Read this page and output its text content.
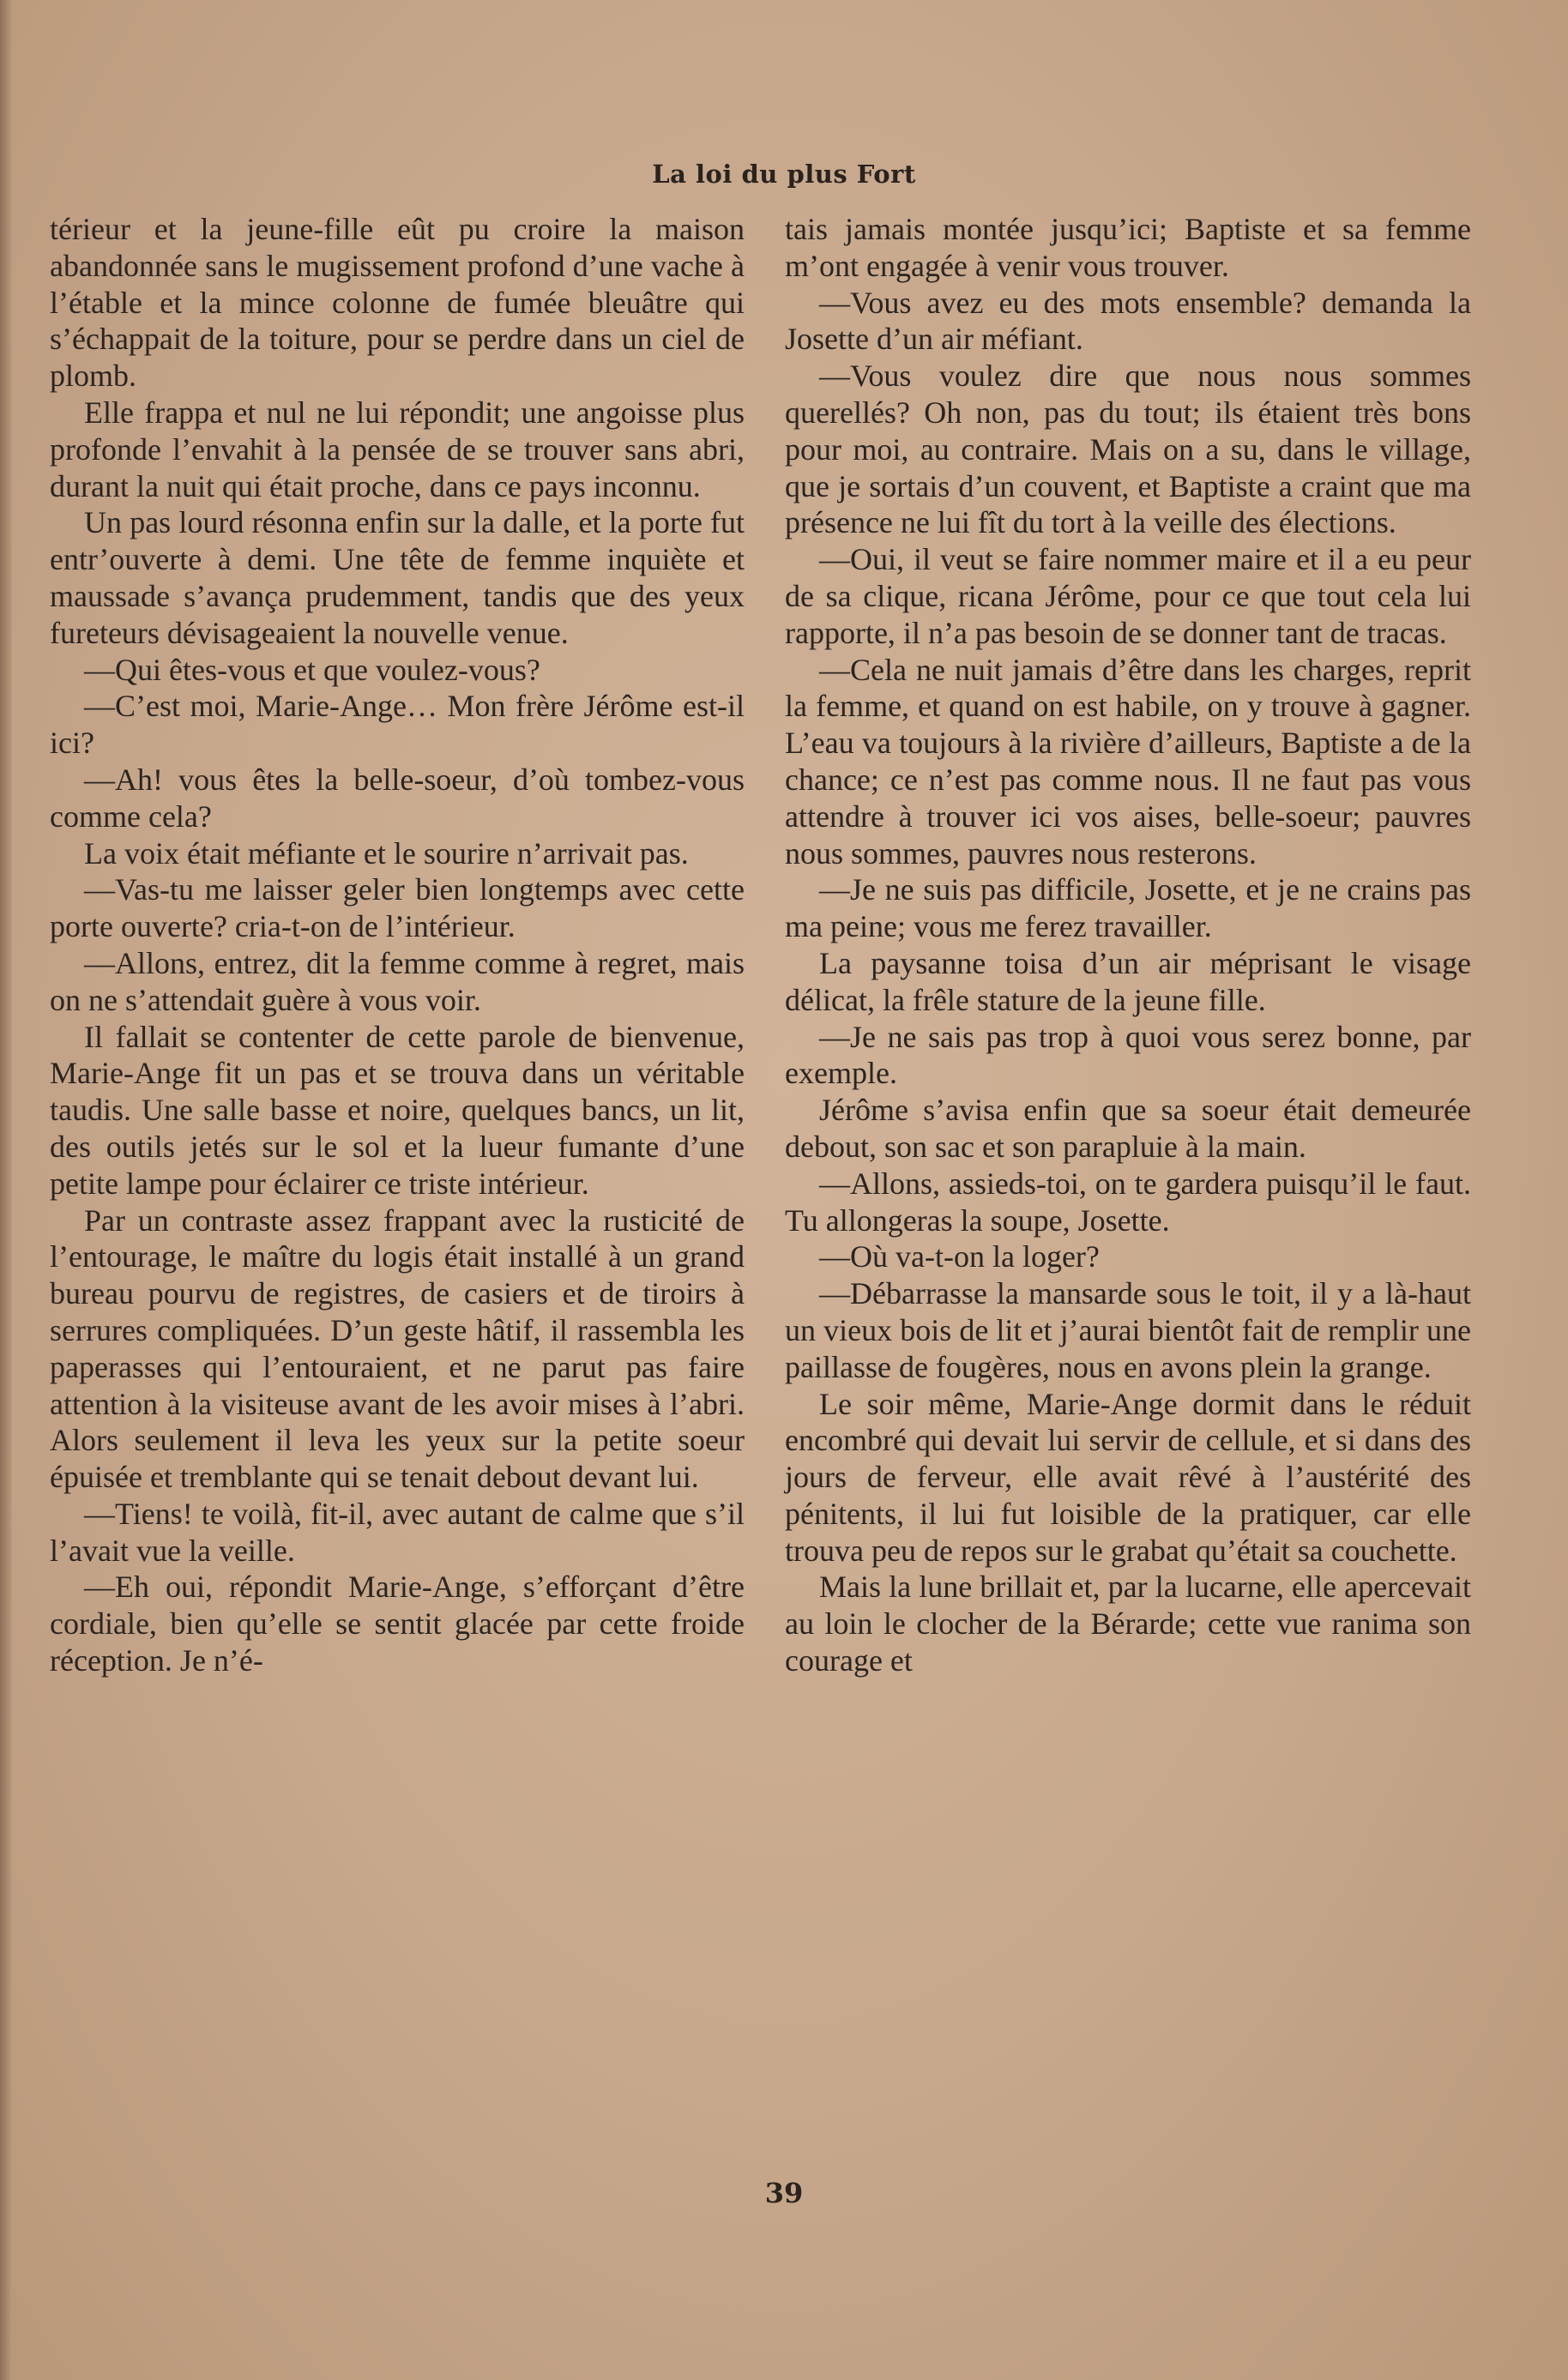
La loi du plus Fort

térieur et la jeune-fille eût pu croire la maison abandonnée sans le mugissement profond d’une vache à l’étable et la mince colonne de fumée bleuâtre qui s’échappait de la toiture, pour se perdre dans un ciel de plomb.

Elle frappa et nul ne lui répondit; une angoisse plus profonde l’envahit à la pensée de se trouver sans abri, durant la nuit qui était proche, dans ce pays inconnu.

Un pas lourd résonna enfin sur la dalle, et la porte fut entr’ouverte à demi. Une tête de femme inquiète et maussade s’avança prudemment, tandis que des yeux fureteurs dévisageaient la nouvelle venue.

—Qui êtes-vous et que voulez-vous?

—C’est moi, Marie-Ange… Mon frère Jérôme est-il ici?

—Ah! vous êtes la belle-soeur, d’où tombez-vous comme cela?

La voix était méfiante et le sourire n’arrivait pas.

—Vas-tu me laisser geler bien longtemps avec cette porte ouverte? cria-t-on de l’intérieur.

—Allons, entrez, dit la femme comme à regret, mais on ne s’attendait guère à vous voir.

Il fallait se contenter de cette parole de bienvenue, Marie-Ange fit un pas et se trouva dans un véritable taudis. Une salle basse et noire, quelques bancs, un lit, des outils jetés sur le sol et la lueur fumante d’une petite lampe pour éclairer ce triste intérieur.

Par un contraste assez frappant avec la rusticité de l’entourage, le maître du logis était installé à un grand bureau pourvu de registres, de casiers et de tiroirs à serrures compliquées. D’un geste hâtif, il rassembla les paperasses qui l’entouraient, et ne parut pas faire attention à la visiteuse avant de les avoir mises à l’abri. Alors seulement il leva les yeux sur la petite soeur épuisée et tremblante qui se tenait debout devant lui.

—Tiens! te voilà, fit-il, avec autant de calme que s’il l’avait vue la veille.

—Eh oui, répondit Marie-Ange, s’efforçant d’être cordiale, bien qu’elle se sentit glacée par cette froide réception. Je n’é-

tais jamais montée jusqu’ici; Baptiste et sa femme m’ont engagée à venir vous trouver.

—Vous avez eu des mots ensemble? demanda la Josette d’un air méfiant.

—Vous voulez dire que nous nous sommes querellés? Oh non, pas du tout; ils étaient très bons pour moi, au contraire. Mais on a su, dans le village, que je sortais d’un couvent, et Baptiste a craint que ma présence ne lui fît du tort à la veille des élections.

—Oui, il veut se faire nommer maire et il a eu peur de sa clique, ricana Jérôme, pour ce que tout cela lui rapporte, il n’a pas besoin de se donner tant de tracas.

—Cela ne nuit jamais d’être dans les charges, reprit la femme, et quand on est habile, on y trouve à gagner. L’eau va toujours à la rivière d’ailleurs, Baptiste a de la chance; ce n’est pas comme nous. Il ne faut pas vous attendre à trouver ici vos aises, belle-soeur; pauvres nous sommes, pauvres nous resterons.

—Je ne suis pas difficile, Josette, et je ne crains pas ma peine; vous me ferez travailler.

La paysanne toisa d’un air méprisant le visage délicat, la frêle stature de la jeune fille.

—Je ne sais pas trop à quoi vous serez bonne, par exemple.

Jérôme s’avisa enfin que sa soeur était demeurée debout, son sac et son parapluie à la main.

—Allons, assieds-toi, on te gardera puisqu’il le faut. Tu allongeras la soupe, Josette.

—Où va-t-on la loger?

—Débarrasse la mansarde sous le toit, il y a là-haut un vieux bois de lit et j’aurai bientôt fait de remplir une paillasse de fougères, nous en avons plein la grange.

Le soir même, Marie-Ange dormit dans le réduit encombré qui devait lui servir de cellule, et si dans des jours de ferveur, elle avait rêvé à l’austérité des pénitents, il lui fut loisible de la pratiquer, car elle trouva peu de repos sur le grabat qu’était sa couchette.

Mais la lune brillait et, par la lucarne, elle apercevait au loin le clocher de la Bérarde; cette vue ranima son courage et

39
